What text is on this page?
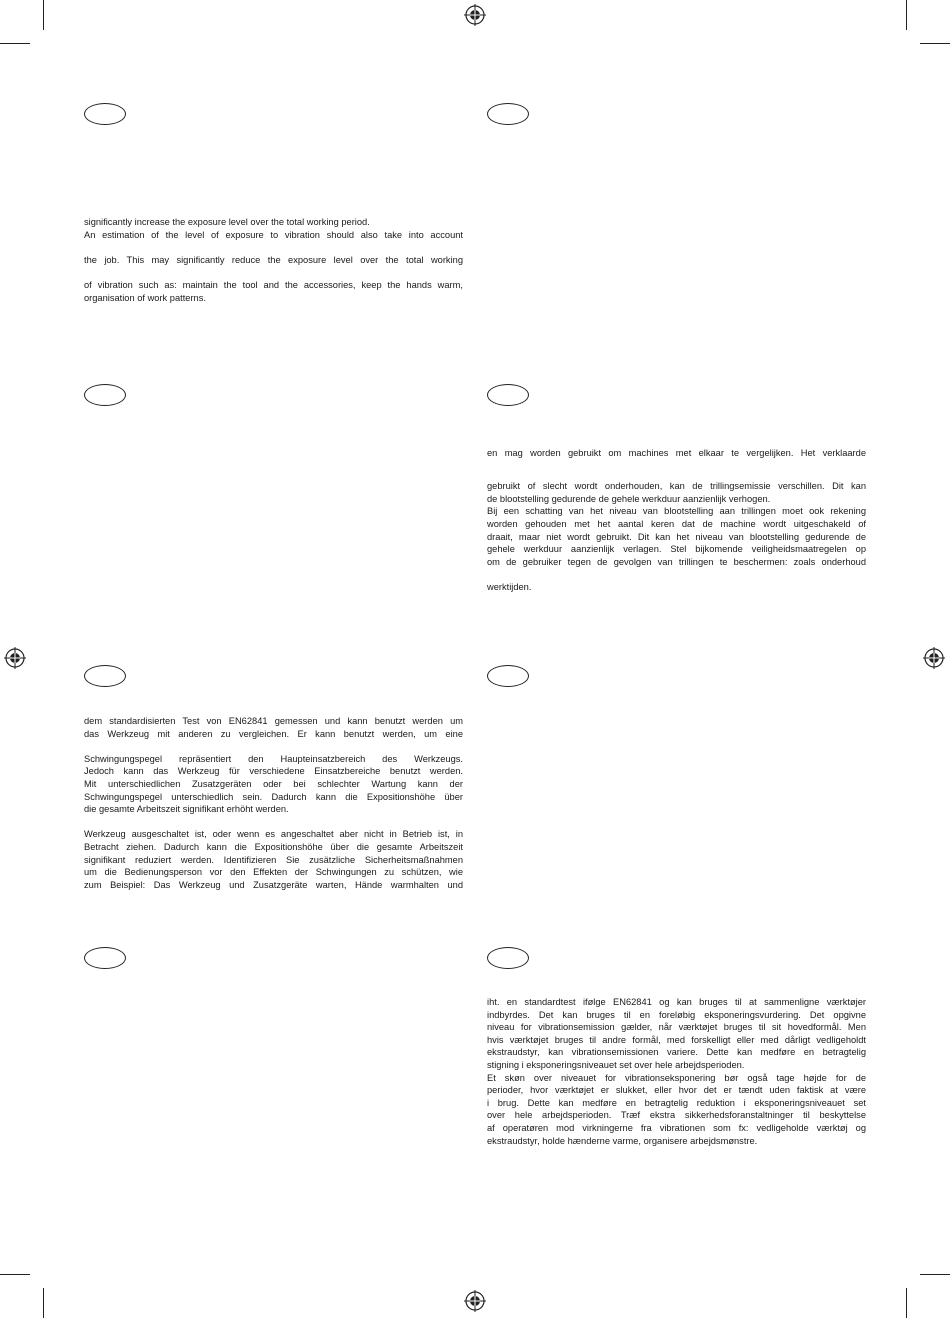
significantly increase the exposure level over the total working period.

An estimation of the level of exposure to vibration should also take into account

the job. This may significantly reduce the exposure level over the total working

of vibration such as: maintain the tool and the accessories, keep the hands warm,

organisation of work patterns.

en mag worden gebruikt om machines met elkaar te vergelijken. Het verklaarde

gebruikt of slecht wordt onderhouden, kan de trillingsemissie verschillen. Dit kan

de blootstelling gedurende de gehele werkduur aanzienlijk verhogen.

Bij een schatting van het niveau van blootstelling aan trillingen moet ook rekening

worden gehouden met het aantal keren dat de machine wordt uitgeschakeld of

draait, maar niet wordt gebruikt. Dit kan het niveau van blootstelling gedurende de

gehele werkduur aanzienlijk verlagen. Stel bijkomende veiligheidsmaatregelen op

om de gebruiker tegen de gevolgen van trillingen te beschermen: zoals onderhoud

werktijden.

dem standardisierten Test von EN62841 gemessen und kann benutzt werden um

das Werkzeug mit anderen zu vergleichen. Er kann benutzt werden, um eine

Schwingungspegel repräsentiert den Haupteinsatzbereich des Werkzeugs.

Jedoch kann das Werkzeug für verschiedene Einsatzbereiche benutzt werden.

Mit unterschiedlichen Zusatzgeräten oder bei schlechter Wartung kann der

Schwingungspegel unterschiedlich sein. Dadurch kann die Expositionshöhe über

die gesamte Arbeitszeit signifikant erhöht werden.

Werkzeug ausgeschaltet ist, oder wenn es angeschaltet aber nicht in Betrieb ist, in

Betracht ziehen. Dadurch kann die Expositionshöhe über die gesamte Arbeitszeit

signifikant reduziert werden. Identifizieren Sie zusätzliche Sicherheitsmaßnahmen

um die Bedienungsperson vor den Effekten der Schwingungen zu schützen, wie

zum Beispiel: Das Werkzeug und Zusatzgeräte warten, Hände warmhalten und

iht. en standardtest ifølge EN62841 og kan bruges til at sammenligne værktøjer

indbyrdes. Det kan bruges til en foreløbig eksponeringsvurdering. Det opgivne

niveau for vibrationsemission gælder, når værktøjet bruges til sit hovedformål. Men

hvis værktøjet bruges til andre formål, med forskelligt eller med dårligt vedligeholdt

ekstraudstyr, kan vibrationsemissionen variere. Dette kan medføre en betragtelig

stigning i eksponeringsniveauet set over hele arbejdsperioden.

Et skøn over niveauet for vibrationseksponering bør også tage højde for de

perioder, hvor værktøjet er slukket, eller hvor det er tændt uden faktisk at være

i brug. Dette kan medføre en betragtelig reduktion i eksponeringsniveauet set

over hele arbejdsperioden. Træf ekstra sikkerhedsforanstaltninger til beskyttelse

af operatøren mod virkningerne fra vibrationen som fx: vedligeholde værktøj og

ekstraudstyr, holde hænderne varme, organisere arbejdsmønstre.
